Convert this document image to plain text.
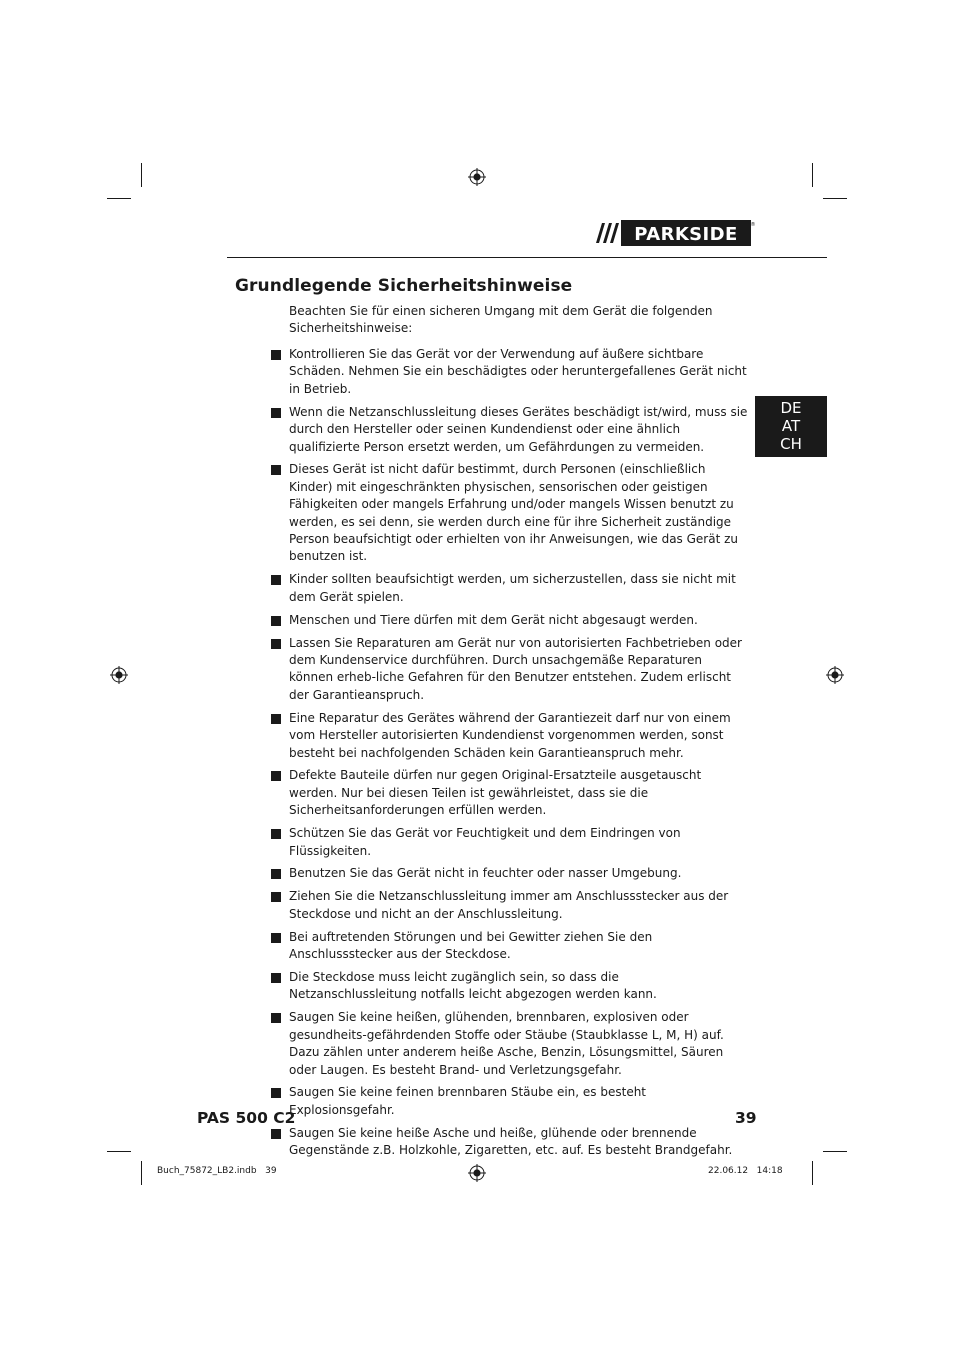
PARKSIDE	®
Grundlegende Sicherheitshinweise

Beachten Sie für einen sicheren Umgang mit dem Gerät die folgenden Sicherheitshinweise:

Kontrollieren Sie das Gerät vor der Verwendung auf äußere sichtbare Schäden. Nehmen Sie ein beschädigtes oder heruntergefallenes Gerät nicht in Betrieb.
Wenn die Netzanschlussleitung dieses Gerätes beschädigt ist/wird, muss sie durch den Hersteller oder seinen Kundendienst oder eine ähnlich qualifizierte Person ersetzt werden, um Gefährdungen zu vermeiden.
Dieses Gerät ist nicht dafür bestimmt, durch Personen (einschließlich Kinder) mit eingeschränkten physischen, sensorischen oder geistigen Fähigkeiten oder mangels Erfahrung und/oder mangels Wissen benutzt zu werden, es sei denn, sie werden durch eine für ihre Sicherheit zuständige Person beaufsichtigt oder erhielten von ihr Anweisungen, wie das Gerät zu benutzen ist.
Kinder sollten beaufsichtigt werden, um sicherzustellen, dass sie nicht mit dem Gerät spielen.
Menschen und Tiere dürfen mit dem Gerät nicht abgesaugt werden.
Lassen Sie Reparaturen am Gerät nur von autorisierten Fachbetrieben oder dem Kundenservice durchführen. Durch unsachgemäße Reparaturen können erheb-liche Gefahren für den Benutzer entstehen. Zudem erlischt der Garantieanspruch.
Eine Reparatur des Gerätes während der Garantiezeit darf nur von einem vom Hersteller autorisierten Kundendienst vorgenommen werden, sonst besteht bei nachfolgenden Schäden kein Garantieanspruch mehr.
Defekte Bauteile dürfen nur gegen Original-Ersatzteile ausgetauscht werden. Nur bei diesen Teilen ist gewährleistet, dass sie die Sicherheitsanforderungen erfüllen werden.
Schützen Sie das Gerät vor Feuchtigkeit und dem Eindringen von Flüssigkeiten.
Benutzen Sie das Gerät nicht in feuchter oder nasser Umgebung.
Ziehen Sie die Netzanschlussleitung immer am Anschlussstecker aus der Steckdose und nicht an der Anschlussleitung.
Bei auftretenden Störungen und bei Gewitter ziehen Sie den Anschlussstecker aus der Steckdose.
Die Steckdose muss leicht zugänglich sein, so dass die Netzanschlussleitung notfalls leicht abgezogen werden kann.
Saugen Sie keine heißen, glühenden, brennbaren, explosiven oder gesundheits-gefährdenden Stoffe oder Stäube (Staubklasse L, M, H) auf. Dazu zählen unter anderem heiße Asche, Benzin, Lösungsmittel, Säuren oder Laugen. Es besteht Brand- und Verletzungsgefahr.
Saugen Sie keine feinen brennbaren Stäube ein, es besteht Explosionsgefahr.
Saugen Sie keine heiße Asche und heiße, glühende oder brennende Gegenstände z.B. Holzkohle, Zigaretten, etc. auf. Es besteht Brandgefahr.
DE
AT
CH
PAS 500 C2	39
Buch_75872_LB2.indb   39	22.06.12   14:18
